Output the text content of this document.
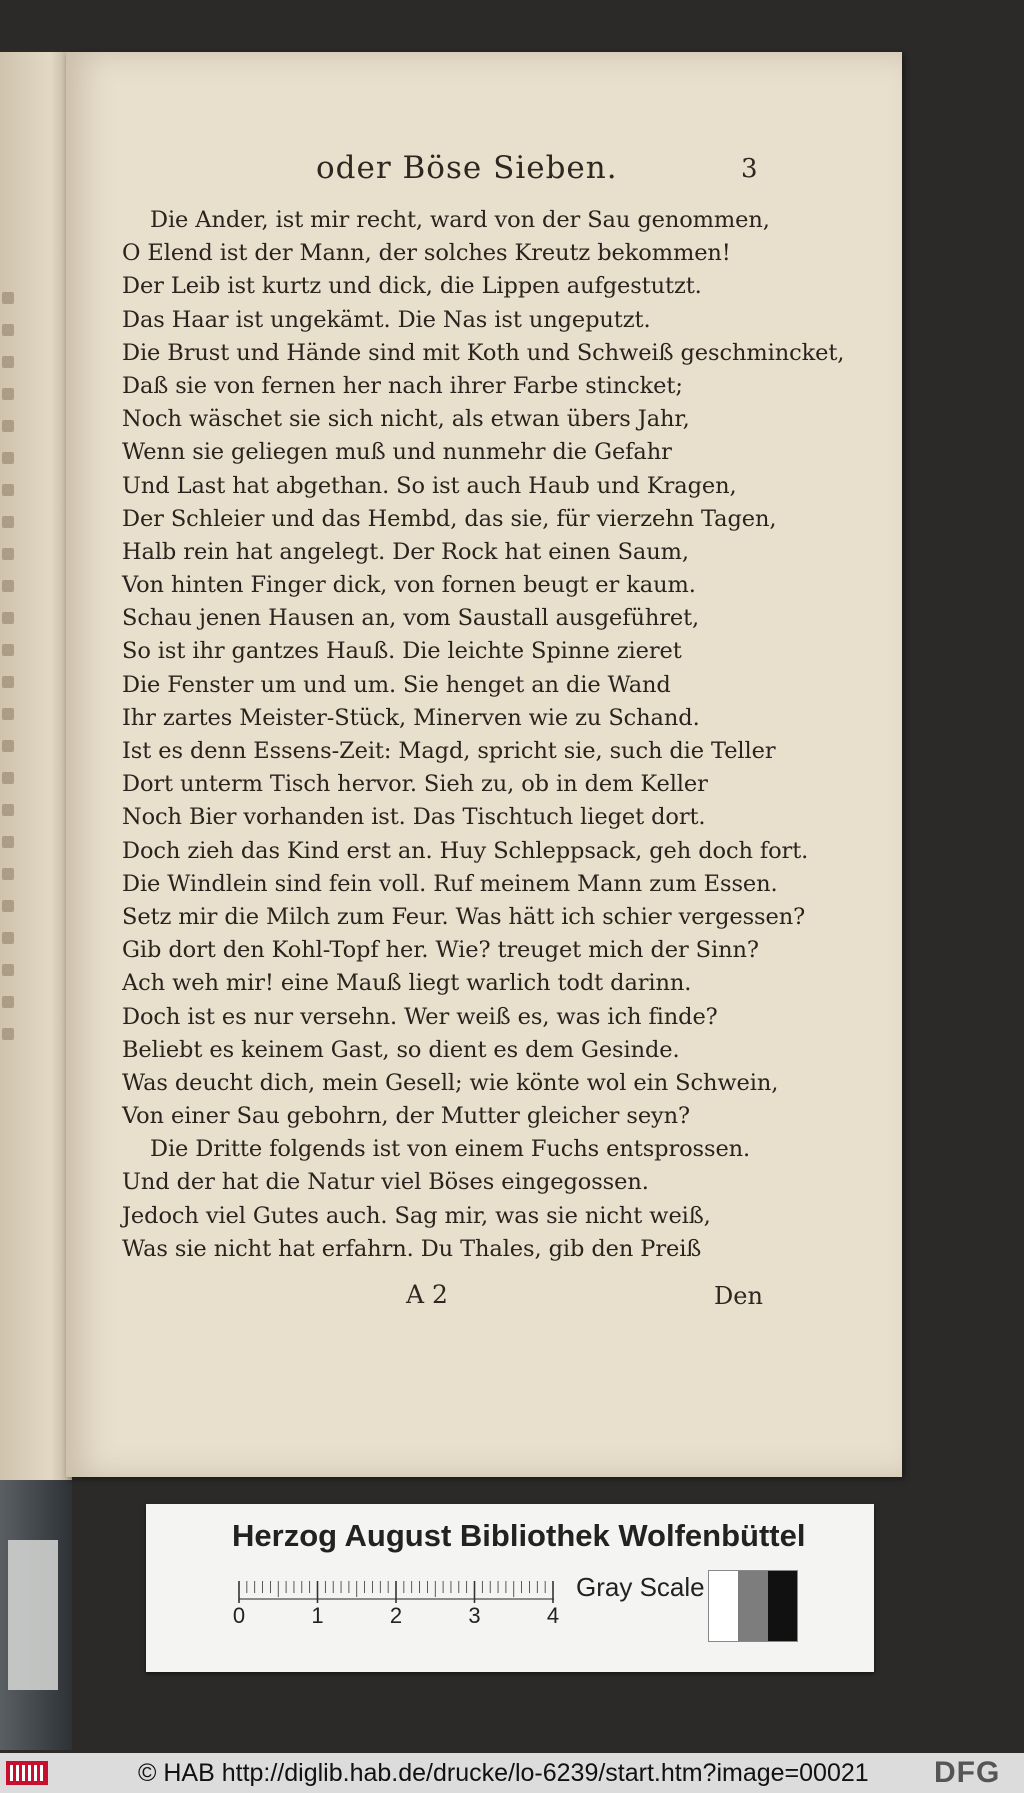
oder Böse Sieben.	3
Die Ander, ist mir recht, ward von der Sau genommen,
O Elend ist der Mann, der solches Kreutz bekommen!
Der Leib ist kurtz und dick, die Lippen aufgestutzt.
Das Haar ist ungekämt. Die Nas ist ungeputzt.
Die Brust und Hände sind mit Koth und Schweiß geschmincket,
Daß sie von fernen her nach ihrer Farbe stincket;
Noch wäschet sie sich nicht, als etwan übers Jahr,
Wenn sie geliegen muß und nunmehr die Gefahr
Und Last hat abgethan. So ist auch Haub und Kragen,
Der Schleier und das Hembd, das sie, für vierzehn Tagen,
Halb rein hat angelegt. Der Rock hat einen Saum,
Von hinten Finger dick, von fornen beugt er kaum.
Schau jenen Hausen an, vom Saustall ausgeführet,
So ist ihr gantzes Hauß. Die leichte Spinne zieret
Die Fenster um und um. Sie henget an die Wand
Ihr zartes Meister-Stück, Minerven wie zu Schand.
Ist es denn Essens-Zeit: Magd, spricht sie, such die Teller
Dort unterm Tisch hervor. Sieh zu, ob in dem Keller
Noch Bier vorhanden ist. Das Tischtuch lieget dort.
Doch zieh das Kind erst an. Huy Schleppsack, geh doch fort.
Die Windlein sind fein voll. Ruf meinem Mann zum Essen.
Setz mir die Milch zum Feur. Was hätt ich schier vergessen?
Gib dort den Kohl-Topf her. Wie? treuget mich der Sinn?
Ach weh mir! eine Mauß liegt warlich todt darinn.
Doch ist es nur versehn. Wer weiß es, was ich finde?
Beliebt es keinem Gast, so dient es dem Gesinde.
Was deucht dich, mein Gesell; wie könte wol ein Schwein,
Von einer Sau gebohrn, der Mutter gleicher seyn?
Die Dritte folgends ist von einem Fuchs entsprossen.
Und der hat die Natur viel Böses eingegossen.
Jedoch viel Gutes auch. Sag mir, was sie nicht weiß,
Was sie nicht hat erfahrn. Du Thales, gib den Preiß
A 2	Den
Herzog August Bibliothek Wolfenbüttel
0	1	2	3	4
Gray Scale
© HAB http://diglib.hab.de/drucke/lo-6239/start.htm?image=00021 DFG
